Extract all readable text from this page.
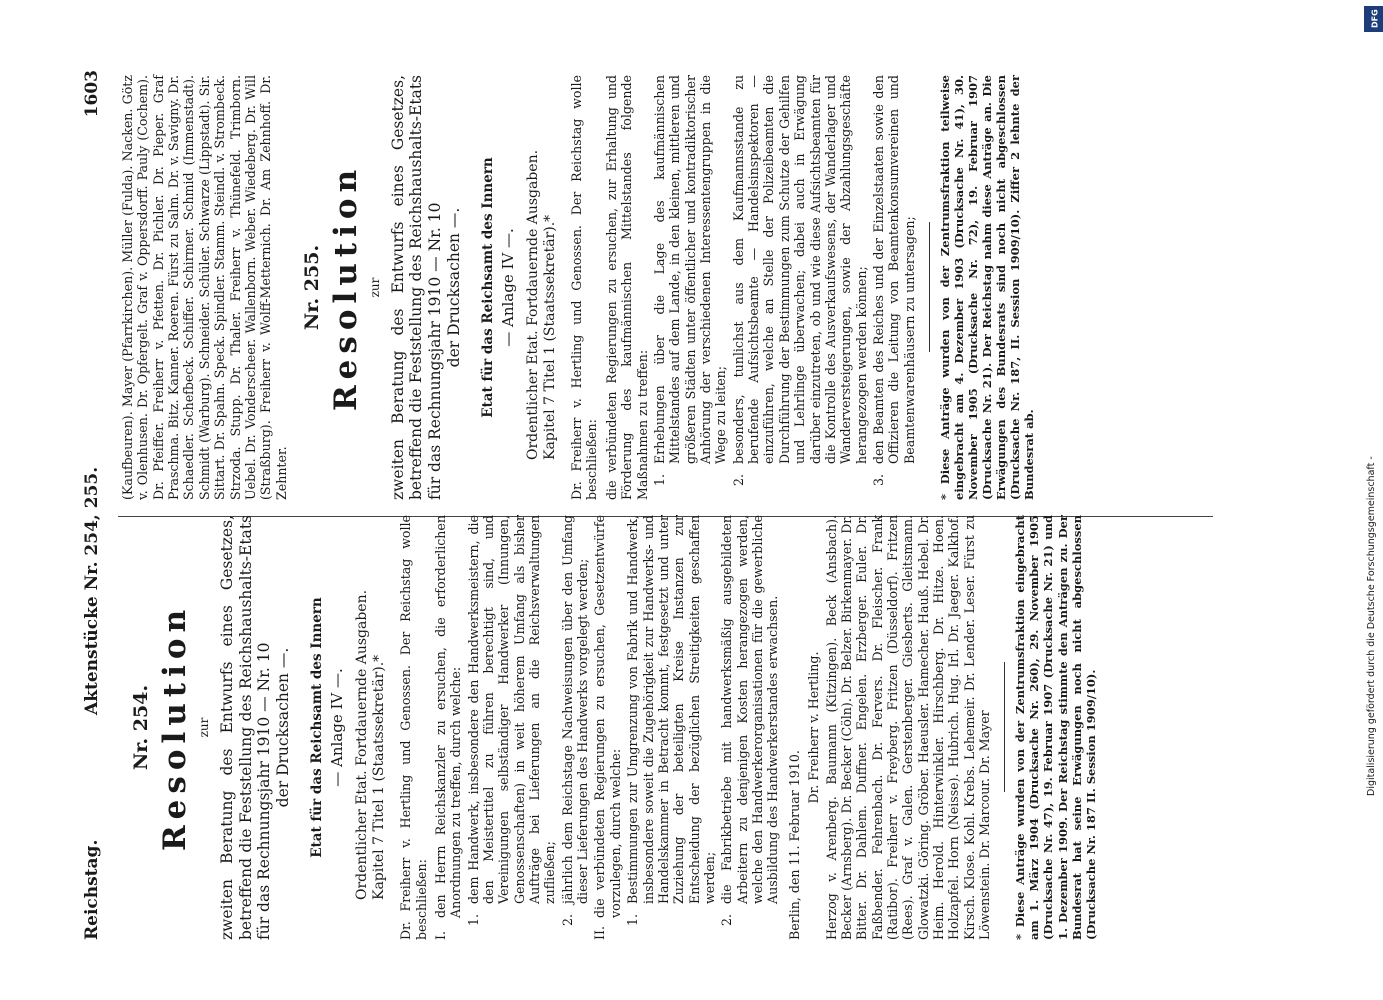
Reichstag.
Aktenstücke Nr. 254, 255.
1603
Nr. 254. Resolution zur zweiten Beratung des Entwurfs eines Gesetzes, betreffend die Feststellung des Reichshaushalts-Etats für das Rechnungsjahr 1910 — Nr. 10 der Drucksachen —. Etat für das Reichsamt des Innern — Anlage IV —. Ordentlicher Etat. Fortdauernde Ausgaben. Kapitel 7 Titel 1 (Staatssekretär).* Dr. Freiherr v. Hertling und Genossen. Der Reichstag wolle beschließen: I.
den Herrn Reichskanzler zu ersuchen, die erforderlichen Anordnungen zu treffen, durch welche:
1.
dem Handwerk, insbesondere den Handwerksmeistern, die den Meistertitel zu führen berechtigt sind, und Vereinigungen selbständiger Handwerker (Innungen, Genossenschaften) in weit höherem Umfang als bisher Aufträge bei Lieferungen an die Reichsverwaltungen zufließen;
2.
jährlich dem Reichstage Nachweisungen über den Umfang dieser Lieferungen des Handwerks vorgelegt werden;
II.
die verbündeten Regierungen zu ersuchen, Gesetzentwürfe vorzulegen, durch welche:
1.
Bestimmungen zur Umgrenzung von Fabrik und Handwerk, insbesondere soweit die Zugehörigkeit zur Handwerks- und Handelskammer in Betracht kommt, festgesetzt und unter Zuziehung der beteiligten Kreise Instanzen zur Entscheidung der bezüglichen Streitigkeiten geschaffen werden;
2.
die Fabrikbetriebe mit handwerksmäßig ausgebildeten Arbeitern zu denjenigen Kosten herangezogen werden, welche den Handwerkerorganisationen für die gewerbliche Ausbildung des Handwerkerstandes erwachsen. Berlin, den 11. Februar 1910.

Dr. Freiherr v. Hertling. Herzog v. Arenberg. Baumann (Kitzingen). Beck (Ansbach). Becker (Arnsberg). Dr. Becker (Cöln). Dr. Belzer. Birkenmayer. Dr. Bitter. Dr. Dahlem. Duffner. Engelen. Erzberger. Euler. Dr. Faßbender. Fehrenbach. Dr. Fervers. Dr. Fleischer. Frank (Ratibor). Freiherr v. Freyberg. Fritzen (Düsseldorf). Fritzen (Rees). Graf v. Galen. Gerstenberger. Giesberts. Gleitsmann. Glowatzki. Göring. Gröber. Haeusler. Hamecher. Hauß. Hebel. Dr. Heim. Herold. Hinterwinkler. Hirschberg. Dr. Hitze. Hoen. Holzapfel. Horn (Neisse). Hubrich. Hug. Irl. Dr. Jaeger. Kalkhof. Kirsch. Klose. Kohl. Krebs. Lehemeir. Dr. Lender. Leser. Fürst zu Löwenstein. Dr. Marcour. Dr. Mayer * Diese Anträge wurden von der Zentrumsfraktion eingebracht am 1. März 1904 (Drucksache Nr. 260), 29. November 1905 (Drucksache Nr. 47), 19. Februar 1907 (Drucksache Nr. 21) und 1. Dezember 1909. Der Reichstag stimmte den Anträgen zu. Der Bundesrat hat seine Erwägungen noch nicht abgeschlossen (Drucksache Nr. 187 II. Session 1909/10).

(Kaufbeuren). Mayer (Pfarrkirchen). Müller (Fulda). Nacken. Götz v. Olenhusen. Dr. Opfergelt. Graf v. Oppersdorff. Pauly (Cochem). Dr. Pfeiffer. Freiherr v. Pfetten. Dr. Pichler. Dr. Pieper. Graf Praschma. Bitz. Kanner. Roeren. Fürst zu Salm. Dr. v. Savigny. Dr. Schaedler. Schefbeck. Schiffer. Schirmer. Schmid (Immenstadt). Schmidt (Warburg). Schneider. Schüler. Schwarze (Lippstadt). Sir. Sittart. Dr. Spahn. Speck. Spindler. Stamm. Steindl. v. Strombeck. Strzoda. Stupp. Dr. Thaler. Freiherr v. Thünefeld. Trimborn. Uebel. Dr. Vonderscheer. Wallenborn. Weber. Wiedeberg. Dr. Will (Straßburg). Freiherr v. Wolff-Metternich. Dr. Am Zehnhoff. Dr. Zehnter.

Nr. 255. Resolution zur zweiten Beratung des Entwurfs eines Gesetzes, betreffend die Feststellung des Reichshaushalts-Etats für das Rechnungsjahr 1910 — Nr. 10 der Drucksachen —. Etat für das Reichsamt des Innern — Anlage IV —. Ordentlicher Etat. Fortdauernde Ausgaben. Kapitel 7 Titel 1 (Staatssekretär).* Dr. Freiherr v. Hertling und Genossen. Der Reichstag wolle beschließen: die verbündeten Regierungen zu ersuchen, zur Erhaltung und Förderung des kaufmännischen Mittelstandes folgende Maßnahmen zu treffen: 1.
Erhebungen über die Lage des kaufmännischen Mittelstandes auf dem Lande, in den kleinen, mittleren und größeren Städten unter öffentlicher und kontradiktorischer Anhörung der verschiedenen Interessentengruppen in die Wege zu leiten;
2.
besonders, tunlichst aus dem Kaufmannsstande zu berufende Aufsichtsbeamte — Handelsinspektoren — einzuführen, welche an Stelle der Polizeibeamten die Durchführung der Bestimmungen zum Schutze der Gehilfen und Lehrlinge überwachen; dabei auch in Erwägung darüber einzutreten, ob und wie diese Aufsichtsbeamten für die Kontrolle des Ausverkaufswesens, der Wanderlager und Wanderversteigerungen, sowie der Abzahlungsgeschäfte herangezogen werden können;
3.
den Beamten des Reiches und der Einzelstaaten sowie den Offizieren die Leitung von Beamtenkonsumvereinen und Beamtenwarenhäusern zu untersagen; * Diese Anträge wurden von der Zentrumsfraktion teilweise eingebracht am 4. Dezember 1903 (Drucksache Nr. 41), 30. November 1905 (Drucksache Nr. 72), 19. Februar 1907 (Drucksache Nr. 21). Der Reichstag nahm diese Anträge an. Die Erwägungen des Bundesrats sind noch nicht abgeschlossen (Drucksache Nr. 187, II. Session 1909/10). Ziffer 2 lehnte der Bundesrat ab.

DFG
Digitalisierung gefördert durch die Deutsche Forschungsgemeinschaft -
